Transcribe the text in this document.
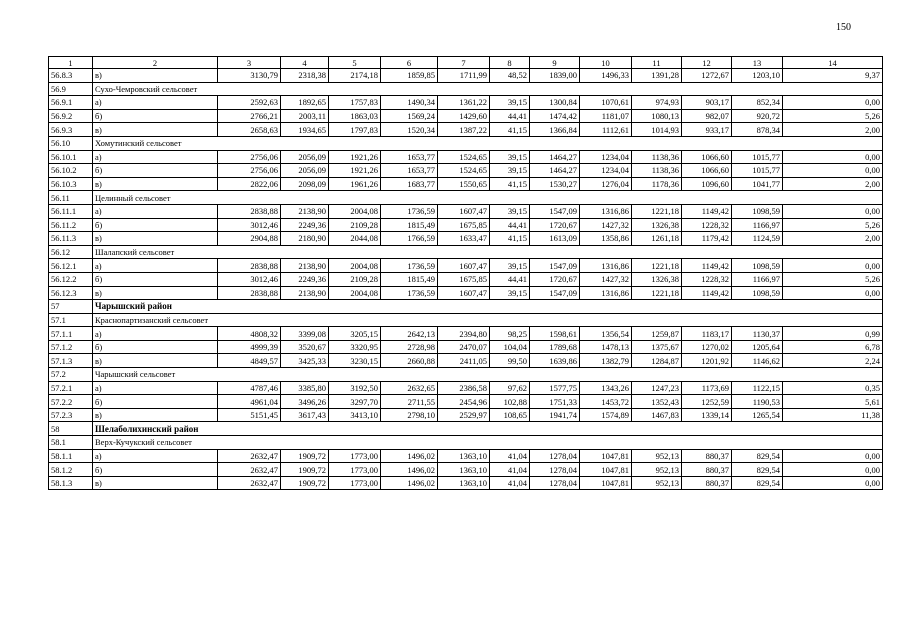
150
1	2	3	4	5	6	7	8	9	10	11	12	13	14
56.8.3	в)	3130,79	2318,38	2174,18	1859,85	1711,99	48,52	1839,00	1496,33	1391,28	1272,67	1203,10	9,37
56.9	Сухо-Чемровский сельсовет												
56.9.1	а)	2592,63	1892,65	1757,83	1490,34	1361,22	39,15	1300,84	1070,61	974,93	903,17	852,34	0,00
56.9.2	б)	2766,21	2003,11	1863,03	1569,24	1429,60	44,41	1474,42	1181,07	1080,13	982,07	920,72	5,26
56.9.3	в)	2658,63	1934,65	1797,83	1520,34	1387,22	41,15	1366,84	1112,61	1014,93	933,17	878,34	2,00
56.10	Хомутинский сельсовет												
56.10.1	а)	2756,06	2056,09	1921,26	1653,77	1524,65	39,15	1464,27	1234,04	1138,36	1066,60	1015,77	0,00
56.10.2	б)	2756,06	2056,09	1921,26	1653,77	1524,65	39,15	1464,27	1234,04	1138,36	1066,60	1015,77	0,00
56.10.3	в)	2822,06	2098,09	1961,26	1683,77	1550,65	41,15	1530,27	1276,04	1178,36	1096,60	1041,77	2,00
56.11	Целинный сельсовет												
56.11.1	а)	2838,88	2138,90	2004,08	1736,59	1607,47	39,15	1547,09	1316,86	1221,18	1149,42	1098,59	0,00
56.11.2	б)	3012,46	2249,36	2109,28	1815,49	1675,85	44,41	1720,67	1427,32	1326,38	1228,32	1166,97	5,26
56.11.3	в)	2904,88	2180,90	2044,08	1766,59	1633,47	41,15	1613,09	1358,86	1261,18	1179,42	1124,59	2,00
56.12	Шалапский сельсовет												
56.12.1	а)	2838,88	2138,90	2004,08	1736,59	1607,47	39,15	1547,09	1316,86	1221,18	1149,42	1098,59	0,00
56.12.2	б)	3012,46	2249,36	2109,28	1815,49	1675,85	44,41	1720,67	1427,32	1326,38	1228,32	1166,97	5,26
56.12.3	в)	2838,88	2138,90	2004,08	1736,59	1607,47	39,15	1547,09	1316,86	1221,18	1149,42	1098,59	0,00
57	Чарышский район												
57.1	Краснопартизанский сельсовет												
57.1.1	а)	4808,32	3399,08	3205,15	2642,13	2394,80	98,25	1598,61	1356,54	1259,87	1183,17	1130,37	0,99
57.1.2	б)	4999,39	3520,67	3320,95	2728,98	2470,07	104,04	1789,68	1478,13	1375,67	1270,02	1205,64	6,78
57.1.3	в)	4849,57	3425,33	3230,15	2660,88	2411,05	99,50	1639,86	1382,79	1284,87	1201,92	1146,62	2,24
57.2	Чарышский сельсовет												
57.2.1	а)	4787,46	3385,80	3192,50	2632,65	2386,58	97,62	1577,75	1343,26	1247,23	1173,69	1122,15	0,35
57.2.2	б)	4961,04	3496,26	3297,70	2711,55	2454,96	102,88	1751,33	1453,72	1352,43	1252,59	1190,53	5,61
57.2.3	в)	5151,45	3617,43	3413,10	2798,10	2529,97	108,65	1941,74	1574,89	1467,83	1339,14	1265,54	11,38
58	Шелаболихинский район												
58.1	Верх-Кучукский сельсовет												
58.1.1	а)	2632,47	1909,72	1773,00	1496,02	1363,10	41,04	1278,04	1047,81	952,13	880,37	829,54	0,00
58.1.2	б)	2632,47	1909,72	1773,00	1496,02	1363,10	41,04	1278,04	1047,81	952,13	880,37	829,54	0,00
58.1.3	в)	2632,47	1909,72	1773,00	1496,02	1363,10	41,04	1278,04	1047,81	952,13	880,37	829,54	0,00
